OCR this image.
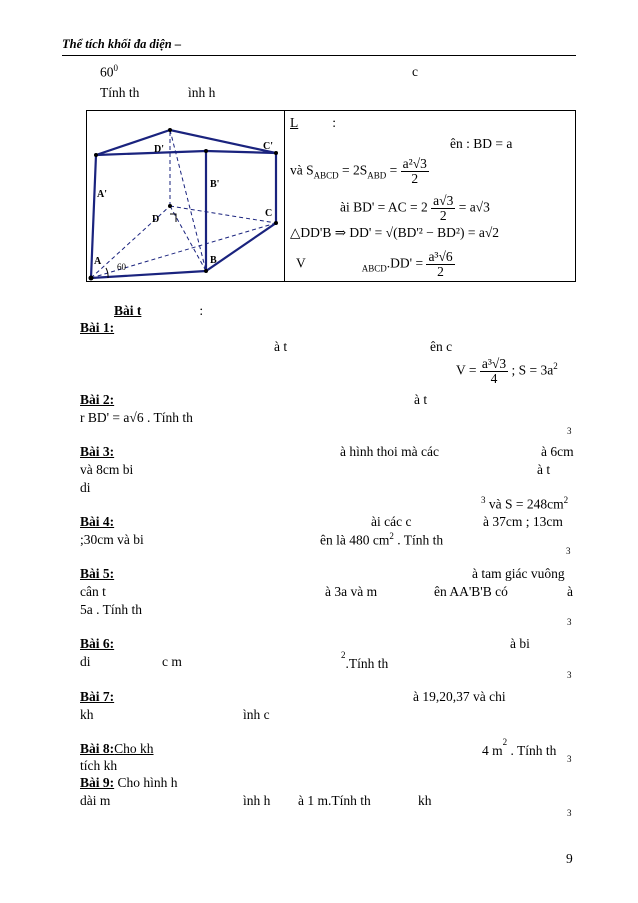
Thể tích khối đa diện –
$60^0$	c
Tính th	ình h
A	B
C
D
A'
B'
C'
D'
60
L	:
ên : BD = a
và $S_{ABCD} = 2S_{ABD} = \frac{\text{a²√3}}{2}$
ài BD' = AC = $2 \frac{a√3}{2} = a√3$
△DD'B ⇒ DD' = √(BD'² − BD²) = a√2
V	$_{ABCD}.DD' = \frac{\text{a³√6}}{2}$
Bài t	:
Bài 1:
à t	ên c
$V = \frac{\text{a³√3}}{4}$ ; $S = 3a^2$
Bài 2:	à t
r BD' = a√6 . Tính th
3
Bài 3:	à hình thoi mà các	à 6cm
và 8cm bi	à t
di
$^3$ và $S = 248cm^2$
Bài 4:	ài các c	à 37cm ; 13cm
;30cm và bi	ên là 480 $cm^2$ . Tính th
3
Bài 5:	à tam giác vuông
cân t	à 3a và m	ên AA'B'B có	à
5a . Tính th
3
Bài 6:	à bi
di	c m	$^2$.Tính th
3
Bài 7:	à 19,20,37 và chi
kh	ình c
Bài 8:Cho kh	4 $m^2$ . Tính th
tích kh	3
Bài 9: Cho hình h
dài m	ình h à 1 m.Tính th	kh
3
9
